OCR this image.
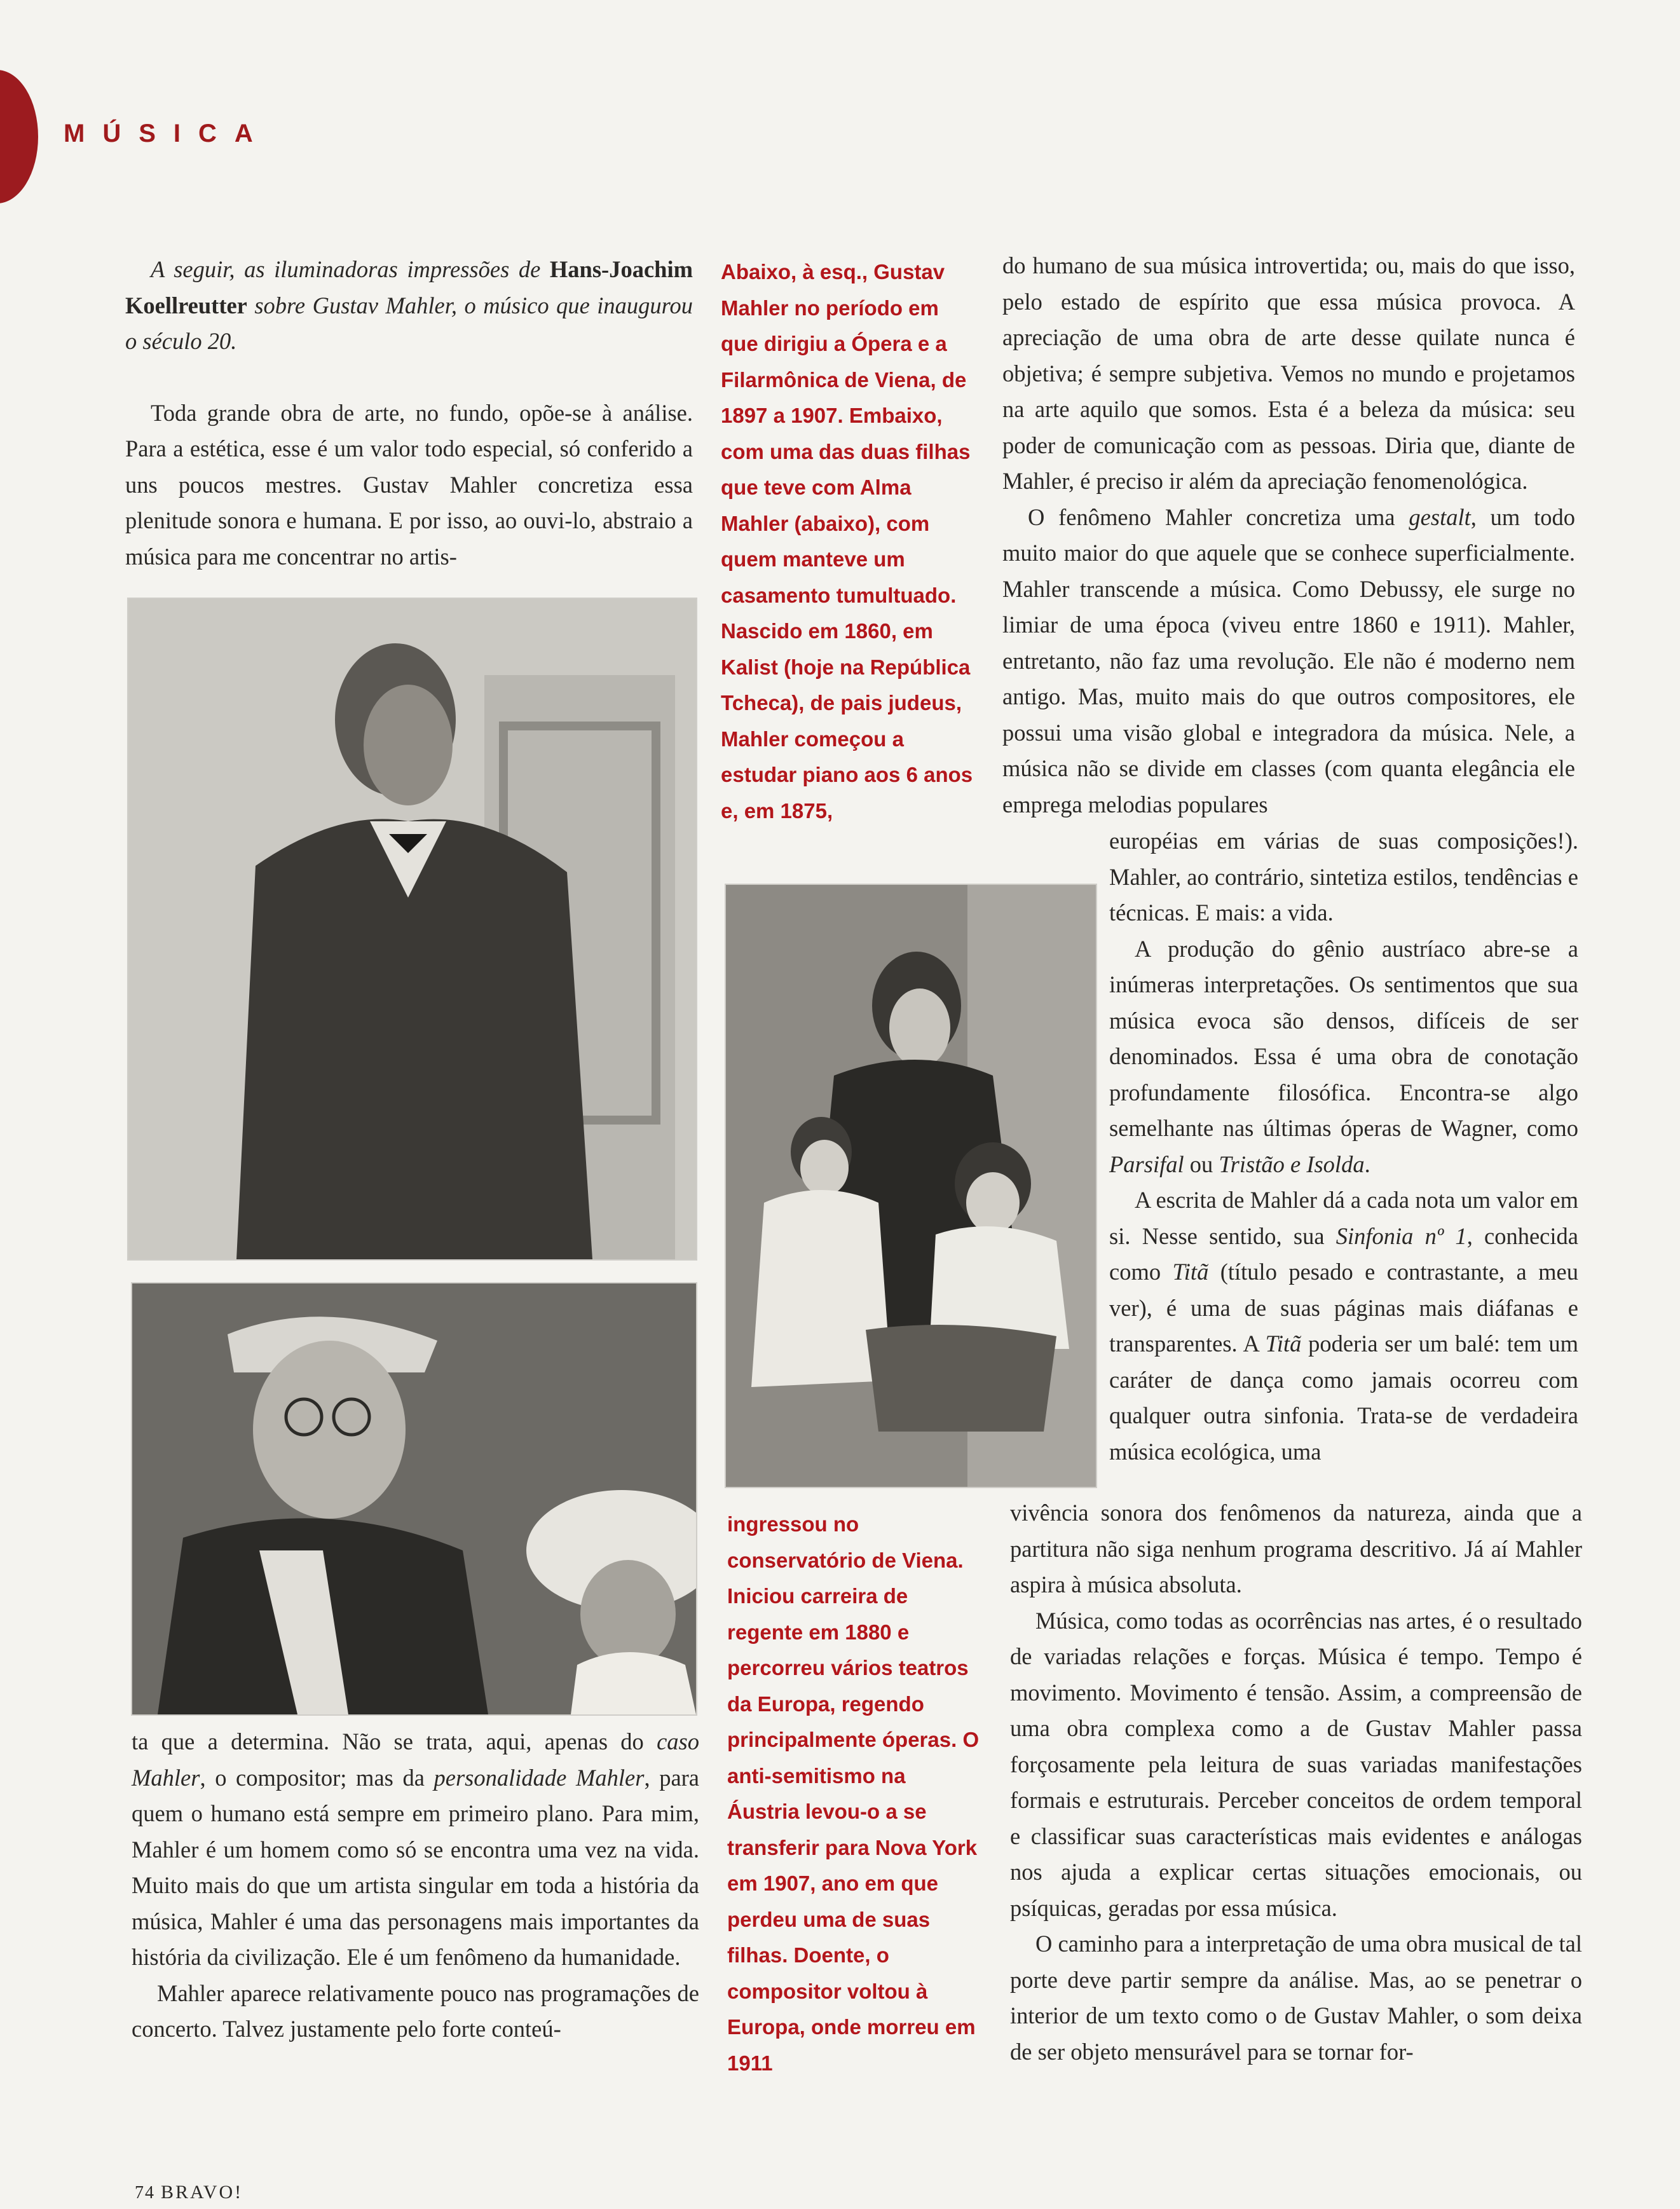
MÚSICA

A seguir, as iluminadoras impressões de Hans-Joachim Koellreutter sobre Gustav Mahler, o músico que inaugurou o século 20.

Toda grande obra de arte, no fundo, opõe-se à análise. Para a estética, esse é um valor todo especial, só conferido a uns poucos mestres. Gustav Mahler concretiza essa plenitude sonora e humana. E por isso, ao ouvi-lo, abstraio a música para me concentrar no artis-

ta que a determina. Não se trata, aqui, apenas do caso Mahler, o compositor; mas da personalidade Mahler, para quem o humano está sempre em primeiro plano. Para mim, Mahler é um homem como só se encontra uma vez na vida. Muito mais do que um artista singular em toda a história da música, Mahler é uma das personagens mais importantes da história da civilização. Ele é um fenômeno da humanidade.

Mahler aparece relativamente pouco nas programações de concerto. Talvez justamente pelo forte conteú-

Abaixo, à esq., Gustav Mahler no período em que dirigiu a Ópera e a Filarmônica de Viena, de 1897 a 1907. Embaixo, com uma das duas filhas que teve com Alma Mahler (abaixo), com quem manteve um casamento tumultuado. Nascido em 1860, em Kalist (hoje na República Tcheca), de pais judeus, Mahler começou a estudar piano aos 6 anos e, em 1875,
ingressou no conservatório de Viena. Iniciou carreira de regente em 1880 e percorreu vários teatros da Europa, regendo principalmente óperas. O anti-semitismo na Áustria levou-o a se transferir para Nova York em 1907, ano em que perdeu uma de suas filhas. Doente, o compositor voltou à Europa, onde morreu em 1911

do humano de sua música introvertida; ou, mais do que isso, pelo estado de espírito que essa música provoca. A apreciação de uma obra de arte desse quilate nunca é objetiva; é sempre subjetiva. Vemos no mundo e projetamos na arte aquilo que somos. Esta é a beleza da música: seu poder de comunicação com as pessoas. Diria que, diante de Mahler, é preciso ir além da apreciação fenomenológica.

O fenômeno Mahler concretiza uma gestalt, um todo muito maior do que aquele que se conhece superficialmente. Mahler transcende a música. Como Debussy, ele surge no limiar de uma época (viveu entre 1860 e 1911). Mahler, entretanto, não faz uma revolução. Ele não é moderno nem antigo. Mas, muito mais do que outros compositores, ele possui uma visão global e integradora da música. Nele, a música não se divide em classes (com quanta elegância ele emprega melodias populares

européias em várias de suas composições!). Mahler, ao contrário, sintetiza estilos, tendências e técnicas. E mais: a vida.

A produção do gênio austríaco abre-se a inúmeras interpretações. Os sentimentos que sua música evoca são densos, difíceis de ser denominados. Essa é uma obra de conotação profundamente filosófica. Encontra-se algo semelhante nas últimas óperas de Wagner, como Parsifal ou Tristão e Isolda.

A escrita de Mahler dá a cada nota um valor em si. Nesse sentido, sua Sinfonia nº 1, conhecida como Titã (título pesado e contrastante, a meu ver), é uma de suas páginas mais diáfanas e transparentes. A Titã poderia ser um balé: tem um caráter de dança como jamais ocorreu com qualquer outra sinfonia. Trata-se de verdadeira música ecológica, uma

vivência sonora dos fenômenos da natureza, ainda que a partitura não siga nenhum programa descritivo. Já aí Mahler aspira à música absoluta.

Música, como todas as ocorrências nas artes, é o resultado de variadas relações e forças. Música é tempo. Tempo é movimento. Movimento é tensão. Assim, a compreensão de uma obra complexa como a de Gustav Mahler passa forçosamente pela leitura de suas variadas manifestações formais e estruturais. Perceber conceitos de ordem temporal e classificar suas características mais evidentes e análogas nos ajuda a explicar certas situações emocionais, ou psíquicas, geradas por essa música.

O caminho para a interpretação de uma obra musical de tal porte deve partir sempre da análise. Mas, ao se penetrar o interior de um texto como o de Gustav Mahler, o som deixa de ser objeto mensurável para se tornar for-

74 BRAVO!
